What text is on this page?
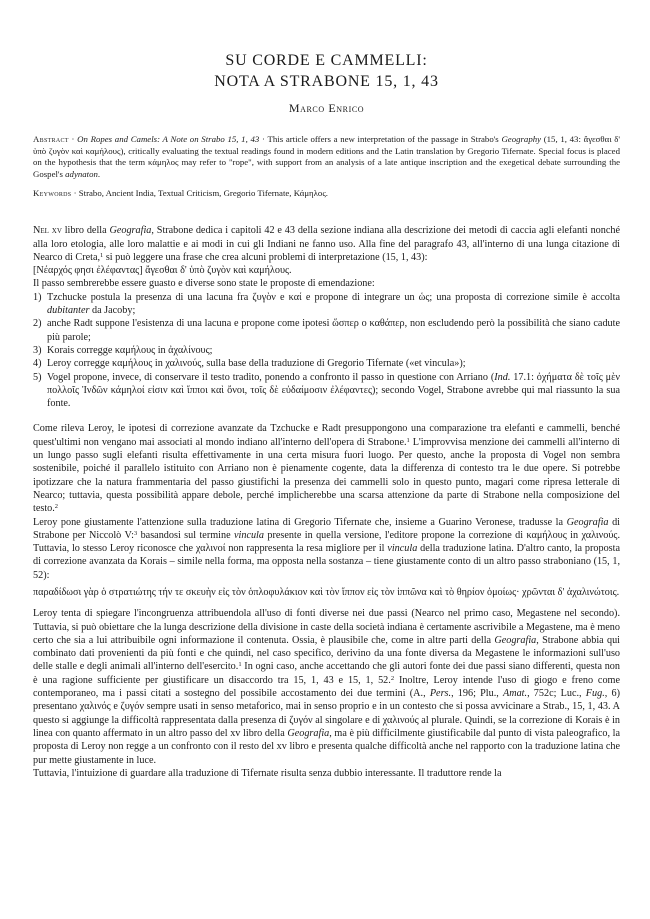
SU CORDE E CAMMELLI:
NOTA A STRABONE 15, 1, 43
Marco Enrico

Abstract · On Ropes and Camels: A Note on Strabo 15, 1, 43 · This article offers a new interpretation of the passage in Strabo's Geography (15, 1, 43: ἄγεσθαι δ' ὑπὸ ζυγὸν καὶ καμήλους), critically evaluating the textual readings found in modern editions and the Latin translation by Gregorio Tifernate. Special focus is placed on the hypothesis that the term κάμηλος may refer to "rope", with support from an analysis of a late antique inscription and the exegetical debate surrounding the Gospel's adynaton.

Keywords · Strabo, Ancient India, Textual Criticism, Gregorio Tifernate, Κάμηλος.

Nel xv libro della Geografia, Strabone dedica i capitoli 42 e 43 della sezione indiana alla descrizione dei metodi di caccia agli elefanti nonché alla loro etologia, alle loro malattie e ai modi in cui gli Indiani ne fanno uso. Alla fine del paragrafo 43, all'interno di una lunga citazione di Nearco di Creta,$^1$ si può leggere una frase che crea alcuni problemi di interpretazione (15, 1, 43):

[Νέαρχός φησι ἐλέφαντας] ἄγεσθαι δ' ὑπὸ ζυγὸν καὶ καμήλους.

Il passo sembrerebbe essere guasto e diverse sono state le proposte di emendazione:

1) Tzchucke postula la presenza di una lacuna fra ζυγὸν e καί e propone di integrare un ὡς; una proposta di correzione simile è accolta dubitanter da Jacoby;
2) anche Radt suppone l'esistenza di una lacuna e propone come ipotesi ὥσπερ o καθάπερ, non escludendo però la possibilità che siano cadute più parole;
3) Korais corregge καμήλους in ἀχαλίνους;
4) Leroy corregge καμήλους in χαλινούς, sulla base della traduzione di Gregorio Tifernate («et vincula»);
5) Vogel propone, invece, di conservare il testo tradito, ponendo a confronto il passo in questione con Arriano (Ind. 17.1: ὀχήματα δὲ τοῖς μὲν πολλοῖς Ἰνδῶν κάμηλοί εἰσιν καὶ ἵπποι καὶ ὄνοι, τοῖς δὲ εὐδαίμοσιν ἐλέφαντες); secondo Vogel, Strabone avrebbe qui mal riassunto la sua fonte.

Come rileva Leroy, le ipotesi di correzione avanzate da Tzchucke e Radt presuppongono una comparazione tra elefanti e cammelli, benché quest'ultimi non vengano mai associati al mondo indiano all'interno dell'opera di Strabone.$^1$ L'improvvisa menzione dei cammelli all'interno di un lungo passo sugli elefanti risulta effettivamente in una certa misura fuori luogo. Per questo, anche la proposta di Vogel non sembra sostenibile, poiché il parallelo istituito con Arriano non è pienamente cogente, data la differenza di contesto tra le due opere. Si potrebbe ipotizzare che la natura frammentaria del passo giustifichi la presenza dei cammelli solo in questo punto, magari come ripresa letterale di Nearco; tuttavia, questa possibilità appare debole, perché implicherebbe una scarsa attenzione da parte di Strabone nella composizione del testo.$^2$

Leroy pone giustamente l'attenzione sulla traduzione latina di Gregorio Tifernate che, insieme a Guarino Veronese, tradusse la Geografia di Strabone per Niccolò V:$^3$ basandosi sul termine vincula presente in quella versione, l'editore propone la correzione di καμήλους in χαλινούς. Tuttavia, lo stesso Leroy riconosce che χαλινοί non rappresenta la resa migliore per il vincula della traduzione latina. D'altro canto, la proposta di correzione avanzata da Korais – simile nella forma, ma opposta nella sostanza – tiene giustamente conto di un altro passo straboniano (15, 1, 52):

παραδίδωσι γὰρ ὁ στρατιώτης τήν τε σκευὴν εἰς τὸν ὁπλοφυλάκιον καὶ τὸν ἵππον εἰς τὸν ἱππῶνα καὶ τὸ θηρίον ὁμοίως· χρῶνται δ' ἀχαλινώτοις.

Leroy tenta di spiegare l'incongruenza attribuendola all'uso di fonti diverse nei due passi (Nearco nel primo caso, Megastene nel secondo). Tuttavia, si può obiettare che la lunga descrizione della divisione in caste della società indiana è certamente ascrivibile a Megastene, ma è meno certo che sia a lui attribuibile ogni informazione il contenuta. Ossia, è plausibile che, come in altre parti della Geografia, Strabone abbia qui combinato dati provenienti da più fonti e che quindi, nel caso specifico, derivino da una fonte diversa da Megastene le informazioni sull'uso delle stalle e degli animali all'interno dell'esercito.$^1$ In ogni caso, anche accettando che gli autori fonte dei due passi siano differenti, questa non è una ragione sufficiente per giustificare un disaccordo tra 15, 1, 43 e 15, 1, 52.$^2$ Inoltre, Leroy intende l'uso di giogo e freno come contemporaneo, ma i passi citati a sostegno del possibile accostamento dei due termini (A., Pers., 196; Plu., Amat., 752c; Luc., Fug., 6) presentano χαλινός e ζυγόν sempre usati in senso metaforico, mai in senso proprio e in un contesto che si possa avvicinare a Strab., 15, 1, 43. A questo si aggiunge la difficoltà rappresentata dalla presenza di ζυγόν al singolare e di χαλινούς al plurale. Quindi, se la correzione di Korais è in linea con quanto affermato in un altro passo del xv libro della Geografia, ma è più difficilmente giustificabile dal punto di vista paleografico, la proposta di Leroy non regge a un confronto con il resto del xv libro e presenta qualche difficoltà anche nel rapporto con la traduzione latina che pur mette giustamente in luce.

Tuttavia, l'intuizione di guardare alla traduzione di Tifernate risulta senza dubbio interessante. Il traduttore rende la
